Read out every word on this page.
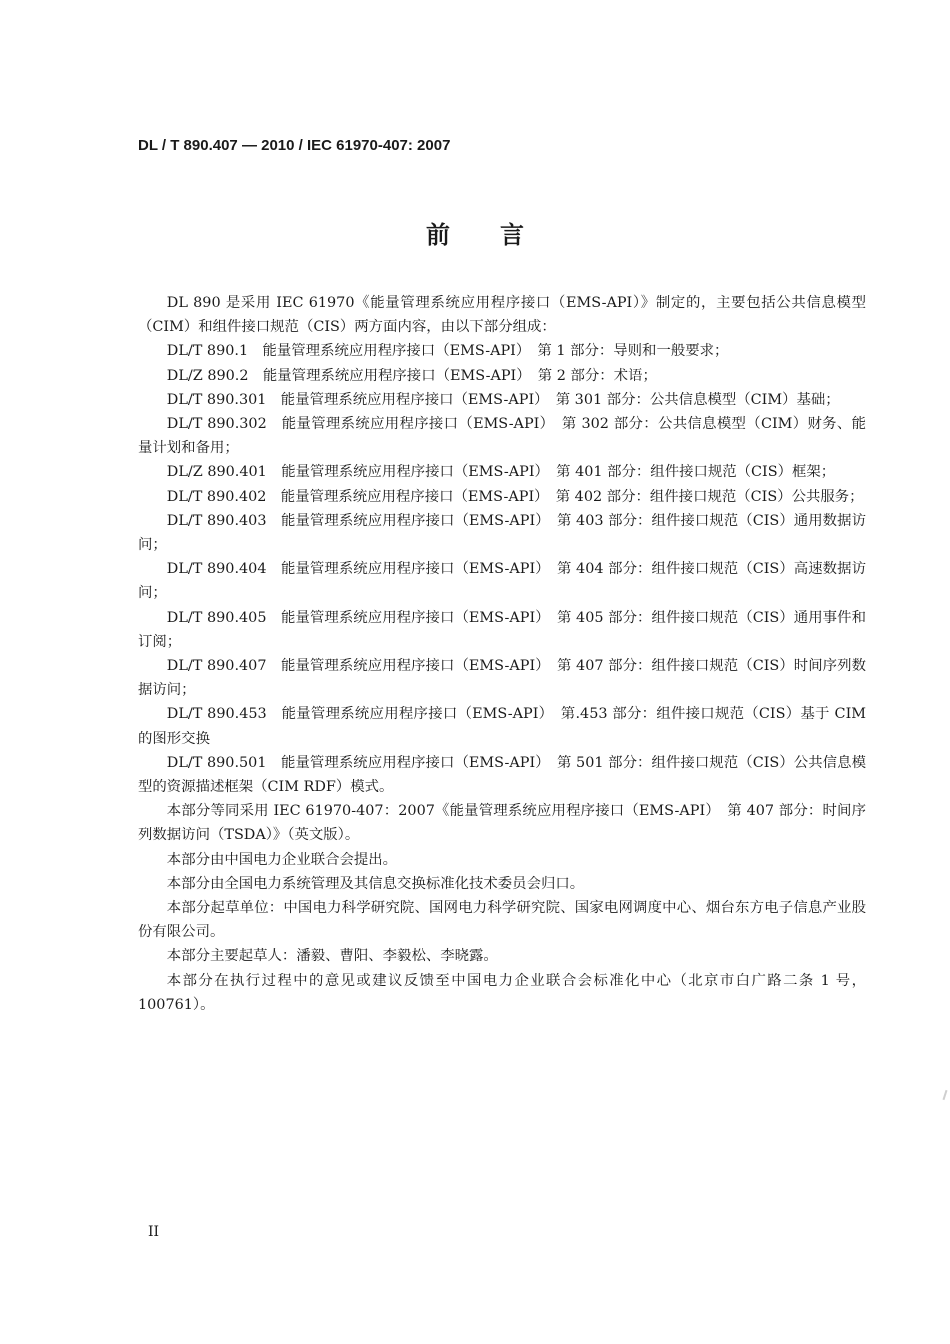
DL / T 890.407 — 2010 / IEC 61970-407: 2007
前言

DL 890 是采用 IEC 61970《能量管理系统应用程序接口（EMS-API）》制定的，主要包括公共信息模型（CIM）和组件接口规范（CIS）两方面内容，由以下部分组成：

DL/T 890.1　能量管理系统应用程序接口（EMS-API）　第 1 部分：导则和一般要求；

DL/Z 890.2　能量管理系统应用程序接口（EMS-API）　第 2 部分：术语；

DL/T 890.301　能量管理系统应用程序接口（EMS-API）　第 301 部分：公共信息模型（CIM）基础；

DL/T 890.302　能量管理系统应用程序接口（EMS-API）　第 302 部分：公共信息模型（CIM）财务、能量计划和备用；

DL/Z 890.401　能量管理系统应用程序接口（EMS-API）　第 401 部分：组件接口规范（CIS）框架；

DL/T 890.402　能量管理系统应用程序接口（EMS-API）　第 402 部分：组件接口规范（CIS）公共服务；

DL/T 890.403　能量管理系统应用程序接口（EMS-API）　第 403 部分：组件接口规范（CIS）通用数据访问；

DL/T 890.404　能量管理系统应用程序接口（EMS-API）　第 404 部分：组件接口规范（CIS）高速数据访问；

DL/T 890.405　能量管理系统应用程序接口（EMS-API）　第 405 部分：组件接口规范（CIS）通用事件和订阅；

DL/T 890.407　能量管理系统应用程序接口（EMS-API）　第 407 部分：组件接口规范（CIS）时间序列数据访问；

DL/T 890.453　能量管理系统应用程序接口（EMS-API）　第.453 部分：组件接口规范（CIS）基于 CIM 的图形交换

DL/T 890.501　能量管理系统应用程序接口（EMS-API）　第 501 部分：组件接口规范（CIS）公共信息模型的资源描述框架（CIM RDF）模式。

本部分等同采用 IEC 61970-407：2007《能量管理系统应用程序接口（EMS-API）　第 407 部分：时间序列数据访问（TSDA）》（英文版）。

本部分由中国电力企业联合会提出。

本部分由全国电力系统管理及其信息交换标准化技术委员会归口。

本部分起草单位：中国电力科学研究院、国网电力科学研究院、国家电网调度中心、烟台东方电子信息产业股份有限公司。

本部分主要起草人：潘毅、曹阳、李毅松、李晓露。

本部分在执行过程中的意见或建议反馈至中国电力企业联合会标准化中心（北京市白广路二条 1 号，100761）。

II
